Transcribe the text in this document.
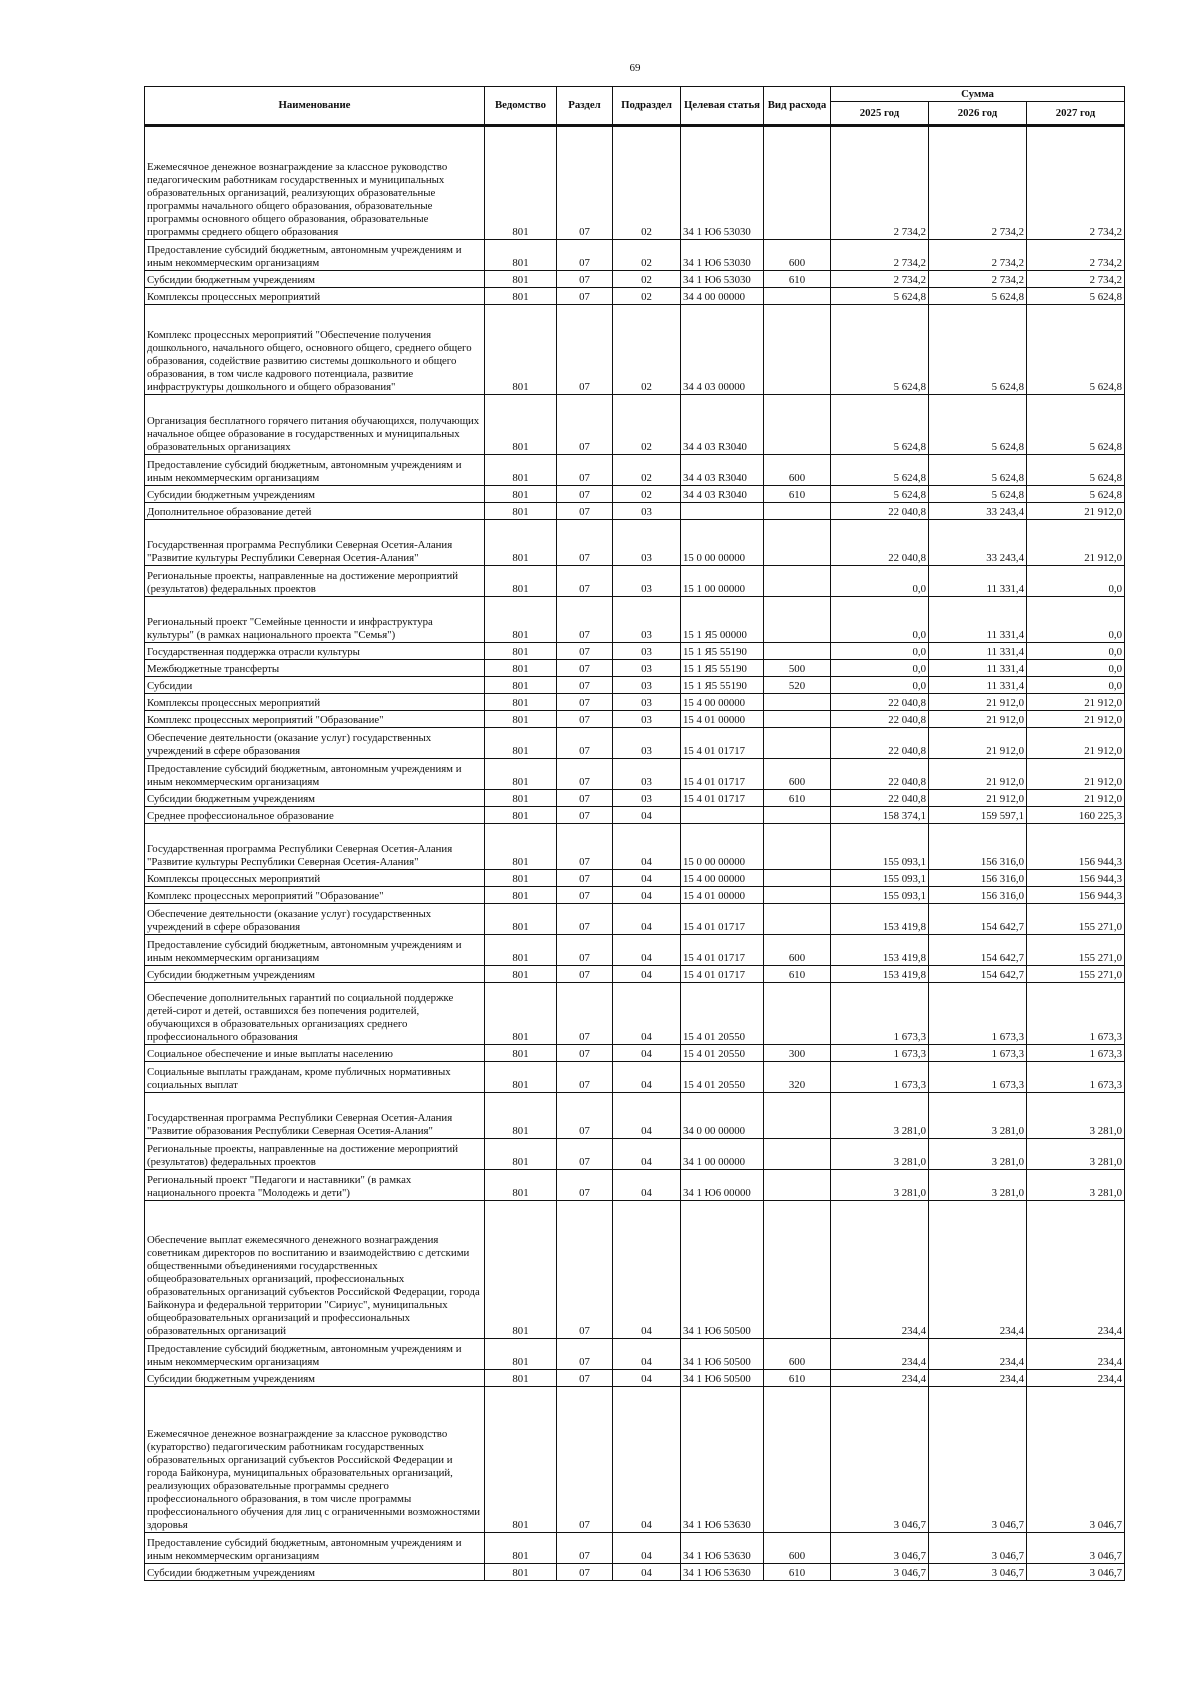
69
Наименование	Ведомство	Раздел	Подраздел	Целевая статья	Вид расхода	Сумма		
						2025 год	2026 год	2027 год
Ежемесячное денежное вознаграждение за классное руководство педагогическим работникам государственных и муниципальных образовательных организаций, реализующих образовательные программы начального общего образования, образовательные программы основного общего образования, образовательные программы среднего общего образования	801	07	02	34 1 Ю6 53030		2 734,2	2 734,2	2 734,2
Предоставление субсидий бюджетным, автономным учреждениям и иным некоммерческим организациям	801	07	02	34 1 Ю6 53030	600	2 734,2	2 734,2	2 734,2
Субсидии бюджетным учреждениям	801	07	02	34 1 Ю6 53030	610	2 734,2	2 734,2	2 734,2
Комплексы процессных мероприятий	801	07	02	34 4 00 00000		5 624,8	5 624,8	5 624,8
Комплекс процессных мероприятий "Обеспечение получения дошкольного, начального общего, основного общего, среднего общего образования, содействие развитию системы дошкольного и общего образования, в том числе кадрового потенциала, развитие инфраструктуры дошкольного и общего образования"	801	07	02	34 4 03 00000		5 624,8	5 624,8	5 624,8
Организация бесплатного горячего питания обучающихся, получающих начальное общее образование в государственных и муниципальных образовательных организациях	801	07	02	34 4 03 R3040		5 624,8	5 624,8	5 624,8
Предоставление субсидий бюджетным, автономным учреждениям и иным некоммерческим организациям	801	07	02	34 4 03 R3040	600	5 624,8	5 624,8	5 624,8
Субсидии бюджетным учреждениям	801	07	02	34 4 03 R3040	610	5 624,8	5 624,8	5 624,8
Дополнительное образование детей	801	07	03			22 040,8	33 243,4	21 912,0
Государственная программа Республики Северная Осетия-Алания "Развитие культуры Республики Северная Осетия-Алания"	801	07	03	15 0 00 00000		22 040,8	33 243,4	21 912,0
Региональные проекты, направленные на достижение мероприятий (результатов) федеральных проектов	801	07	03	15 1 00 00000		0,0	11 331,4	0,0
Региональный проект "Семейные ценности и инфраструктура культуры" (в рамках национального проекта "Семья")	801	07	03	15 1 Я5 00000		0,0	11 331,4	0,0
Государственная поддержка отрасли культуры	801	07	03	15 1 Я5 55190		0,0	11 331,4	0,0
Межбюджетные трансферты	801	07	03	15 1 Я5 55190	500	0,0	11 331,4	0,0
Субсидии	801	07	03	15 1 Я5 55190	520	0,0	11 331,4	0,0
Комплексы процессных мероприятий	801	07	03	15 4 00 00000		22 040,8	21 912,0	21 912,0
Комплекс процессных мероприятий "Образование"	801	07	03	15 4 01 00000		22 040,8	21 912,0	21 912,0
Обеспечение деятельности (оказание услуг) государственных учреждений в сфере образования	801	07	03	15 4 01 01717		22 040,8	21 912,0	21 912,0
Предоставление субсидий бюджетным, автономным учреждениям и иным некоммерческим организациям	801	07	03	15 4 01 01717	600	22 040,8	21 912,0	21 912,0
Субсидии бюджетным учреждениям	801	07	03	15 4 01 01717	610	22 040,8	21 912,0	21 912,0
Среднее профессиональное образование	801	07	04			158 374,1	159 597,1	160 225,3
Государственная программа Республики Северная Осетия-Алания "Развитие культуры Республики Северная Осетия-Алания"	801	07	04	15 0 00 00000		155 093,1	156 316,0	156 944,3
Комплексы процессных мероприятий	801	07	04	15 4 00 00000		155 093,1	156 316,0	156 944,3
Комплекс процессных мероприятий "Образование"	801	07	04	15 4 01 00000		155 093,1	156 316,0	156 944,3
Обеспечение деятельности (оказание услуг) государственных учреждений в сфере образования	801	07	04	15 4 01 01717		153 419,8	154 642,7	155 271,0
Предоставление субсидий бюджетным, автономным учреждениям и иным некоммерческим организациям	801	07	04	15 4 01 01717	600	153 419,8	154 642,7	155 271,0
Субсидии бюджетным учреждениям	801	07	04	15 4 01 01717	610	153 419,8	154 642,7	155 271,0
Обеспечение дополнительных гарантий по социальной поддержке детей-сирот и детей, оставшихся без попечения родителей, обучающихся в образовательных организациях среднего профессионального образования	801	07	04	15 4 01 20550		1 673,3	1 673,3	1 673,3
Социальное обеспечение и иные выплаты населению	801	07	04	15 4 01 20550	300	1 673,3	1 673,3	1 673,3
Социальные выплаты гражданам, кроме публичных нормативных социальных выплат	801	07	04	15 4 01 20550	320	1 673,3	1 673,3	1 673,3
Государственная программа Республики Северная Осетия-Алания "Развитие образования Республики Северная Осетия-Алания"	801	07	04	34 0 00 00000		3 281,0	3 281,0	3 281,0
Региональные проекты, направленные на достижение мероприятий (результатов) федеральных проектов	801	07	04	34 1 00 00000		3 281,0	3 281,0	3 281,0
Региональный проект "Педагоги и наставники" (в рамках национального проекта "Молодежь и дети")	801	07	04	34 1 Ю6 00000		3 281,0	3 281,0	3 281,0
Обеспечение выплат ежемесячного денежного вознаграждения советникам директоров по воспитанию и взаимодействию с детскими общественными объединениями государственных общеобразовательных организаций, профессиональных образовательных организаций субъектов Российской Федерации, города Байконура и федеральной территории "Сириус", муниципальных общеобразовательных организаций и профессиональных образовательных организаций	801	07	04	34 1 Ю6 50500		234,4	234,4	234,4
Предоставление субсидий бюджетным, автономным учреждениям и иным некоммерческим организациям	801	07	04	34 1 Ю6 50500	600	234,4	234,4	234,4
Субсидии бюджетным учреждениям	801	07	04	34 1 Ю6 50500	610	234,4	234,4	234,4
Ежемесячное денежное вознаграждение за классное руководство (кураторство) педагогическим работникам государственных образовательных организаций субъектов Российской Федерации и города Байконура, муниципальных образовательных организаций, реализующих образовательные программы среднего профессионального образования, в том числе программы профессионального обучения для лиц с ограниченными возможностями здоровья	801	07	04	34 1 Ю6 53630		3 046,7	3 046,7	3 046,7
Предоставление субсидий бюджетным, автономным учреждениям и иным некоммерческим организациям	801	07	04	34 1 Ю6 53630	600	3 046,7	3 046,7	3 046,7
Субсидии бюджетным учреждениям	801	07	04	34 1 Ю6 53630	610	3 046,7	3 046,7	3 046,7
